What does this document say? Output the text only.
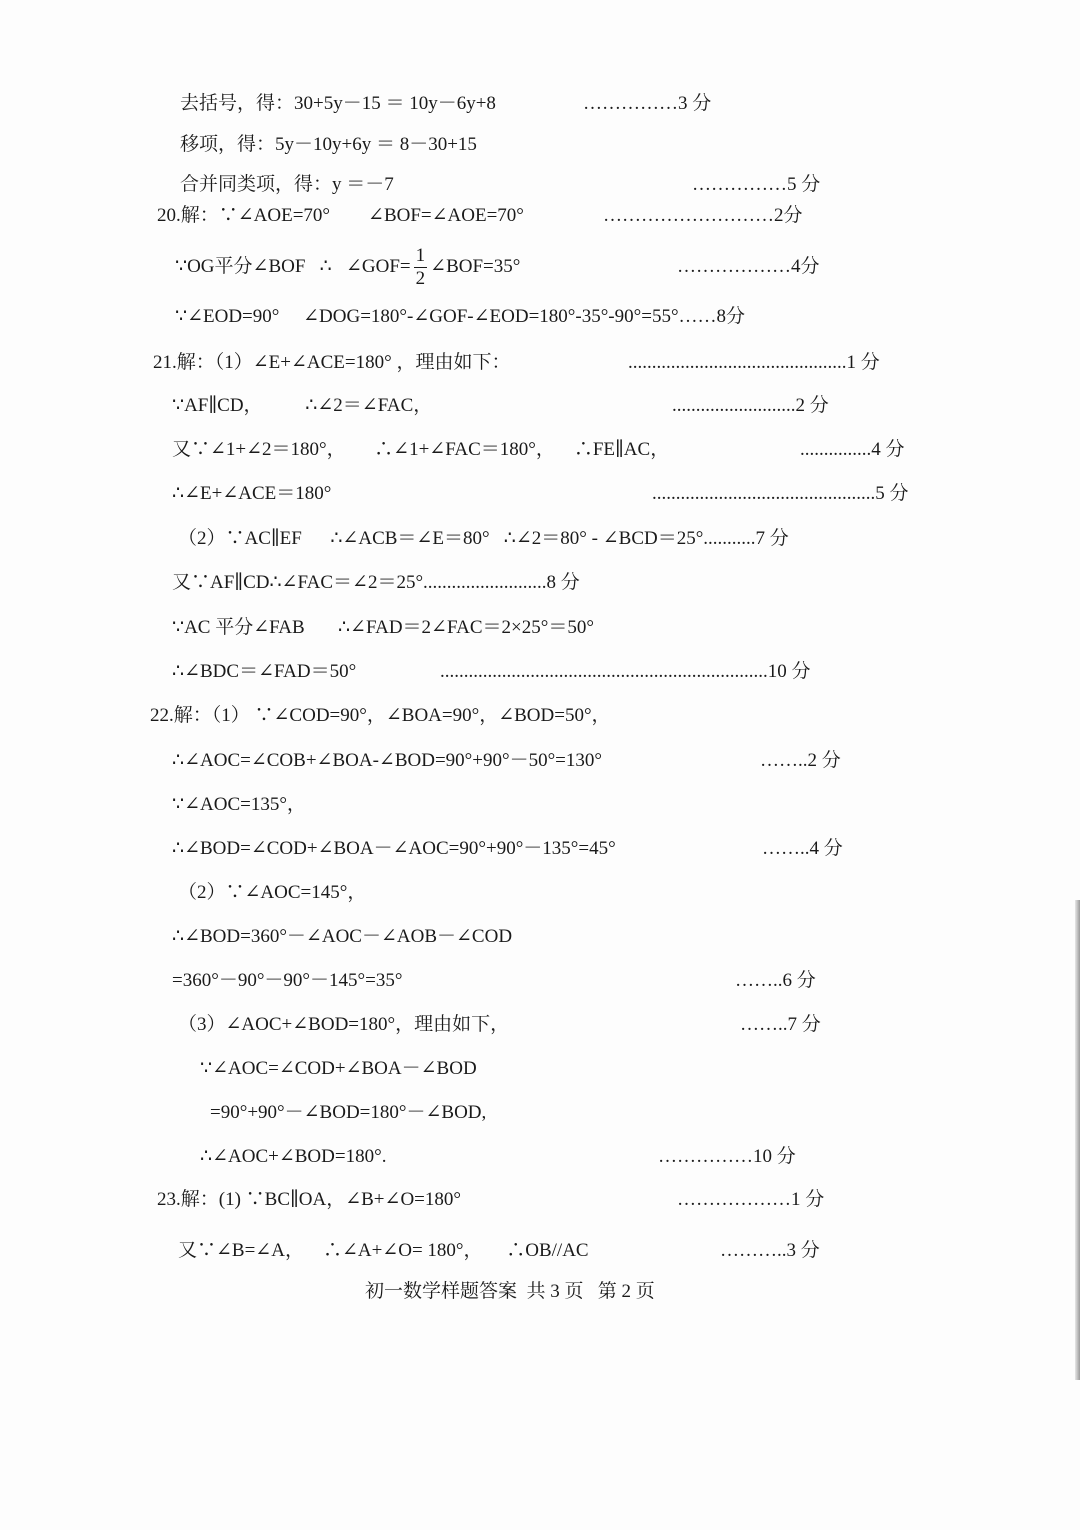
去括号，得：30+5y－15 ＝ 10y－6y+8	……………3 分
移项，得：5y－10y+6y ＝ 8－30+15
合并同类项，得：y ＝－7	……………5 分
20.解：∵∠AOE=70°        ∠BOF=∠AOE=70°	………………………2分
∵OG平分∠BOF   ∴   ∠GOF= $\frac{1}{2}$ ∠BOF=35°	………………4分
∵∠EOD=90°     ∠DOG=180°-∠GOF-∠EOD=180°-35°-90°=55°……8分
21.解：（1）∠E+∠ACE=180° ，理由如下：	..............................................1 分
∵AF∥CD，         ∴∠2＝∠FAC，	..........................2 分
又∵∠1+∠2＝180°，      ∴∠1+∠FAC＝180°，    ∴FE∥AC，	...............4 分
∴∠E+∠ACE＝180°	...............................................5 分
（2）∵AC∥EF      ∴∠ACB＝∠E＝80°   ∴∠2＝80° - ∠BCD＝25°...........7 分
又∵AF∥CD∴∠FAC＝∠2＝25°..........................8 分
∵AC 平分∠FAB       ∴∠FAD＝2∠FAC＝2×25°＝50°
∴∠BDC＝∠FAD＝50°	.....................................................................10 分
22.解：（1） ∵∠COD=90°，∠BOA=90°，∠BOD=50°，
∴∠AOC=∠COB+∠BOA-∠BOD=90°+90°－50°=130°	……..2 分
∵∠AOC=135°，
∴∠BOD=∠COD+∠BOA－∠AOC=90°+90°－135°=45°	……..4 分
（2）∵∠AOC=145°，
∴∠BOD=360°－∠AOC－∠AOB－∠COD
=360°－90°－90°－145°=35°	……..6 分
（3）∠AOC+∠BOD=180°，理由如下，	……..7 分
∵∠AOC=∠COD+∠BOA－∠BOD
=90°+90°－∠BOD=180°－∠BOD,
∴∠AOC+∠BOD=180°.	……………10 分
23.解：(1) ∵BC∥OA，∠B+∠O=180°	………………1 分
又∵∠B=∠A，    ∴∠A+∠O= 180°，     ∴OB//AC	………..3 分
初一数学样题答案  共 3 页   第 2 页
